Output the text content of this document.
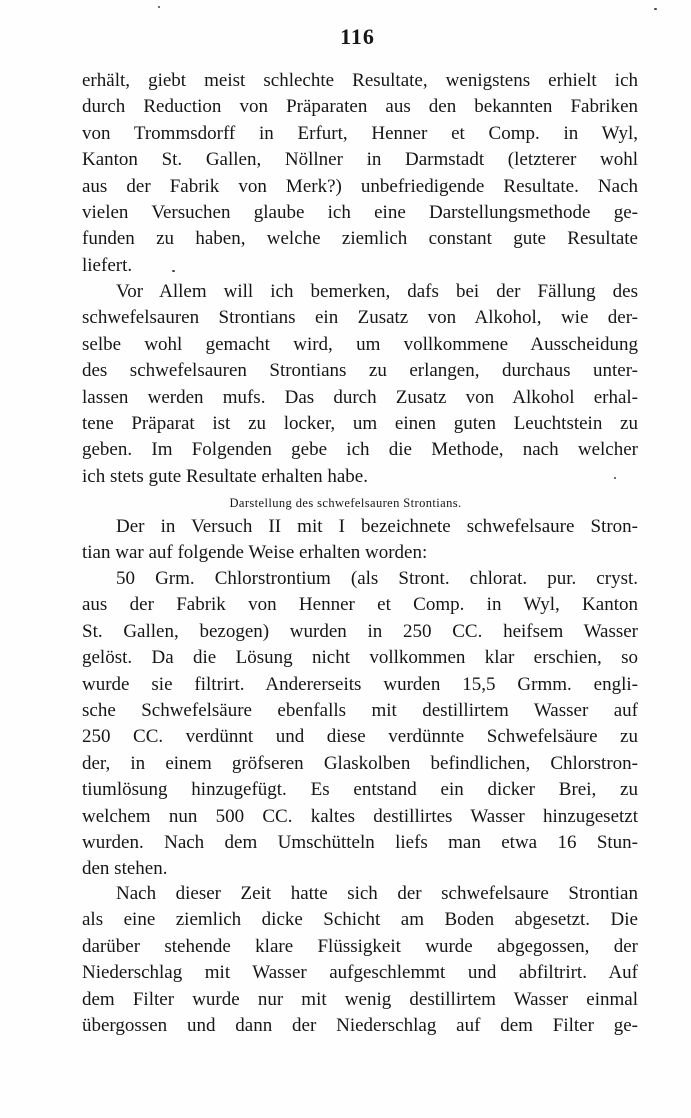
116
erhält, giebt meist schlechte Resultate, wenigstens erhielt ich
durch Reduction von Präparaten aus den bekannten Fabriken
von Trommsdorff in Erfurt, Henner et Comp. in Wyl,
Kanton St. Gallen, Nöllner in Darmstadt (letzterer wohl
aus der Fabrik von Merk?) unbefriedigende Resultate. Nach
vielen Versuchen glaube ich eine Darstellungsmethode ge-
funden zu haben, welche ziemlich constant gute Resultate
liefert.
Vor Allem will ich bemerken, dafs bei der Fällung des
schwefelsauren Strontians ein Zusatz von Alkohol, wie der-
selbe wohl gemacht wird, um vollkommene Ausscheidung
des schwefelsauren Strontians zu erlangen, durchaus unter-
lassen werden mufs. Das durch Zusatz von Alkohol erhal-
tene Präparat ist zu locker, um einen guten Leuchtstein zu
geben. Im Folgenden gebe ich die Methode, nach welcher
ich stets gute Resultate erhalten habe.
Darstellung des schwefelsauren Strontians.
Der in Versuch II mit I bezeichnete schwefelsaure Stron-
tian war auf folgende Weise erhalten worden:
50 Grm. Chlorstrontium (als Stront. chlorat. pur. cryst.
aus der Fabrik von Henner et Comp. in Wyl, Kanton
St. Gallen, bezogen) wurden in 250 CC. heifsem Wasser
gelöst. Da die Lösung nicht vollkommen klar erschien, so
wurde sie filtrirt. Andererseits wurden 15,5 Grmm. engli-
sche Schwefelsäure ebenfalls mit destillirtem Wasser auf
250 CC. verdünnt und diese verdünnte Schwefelsäure zu
der, in einem gröfseren Glaskolben befindlichen, Chlorstron-
tiumlösung hinzugefügt. Es entstand ein dicker Brei, zu
welchem nun 500 CC. kaltes destillirtes Wasser hinzugesetzt
wurden. Nach dem Umschütteln liefs man etwa 16 Stun-
den stehen.
Nach dieser Zeit hatte sich der schwefelsaure Strontian
als eine ziemlich dicke Schicht am Boden abgesetzt. Die
darüber stehende klare Flüssigkeit wurde abgegossen, der
Niederschlag mit Wasser aufgeschlemmt und abfiltrirt. Auf
dem Filter wurde nur mit wenig destillirtem Wasser einmal
übergossen und dann der Niederschlag auf dem Filter ge-
